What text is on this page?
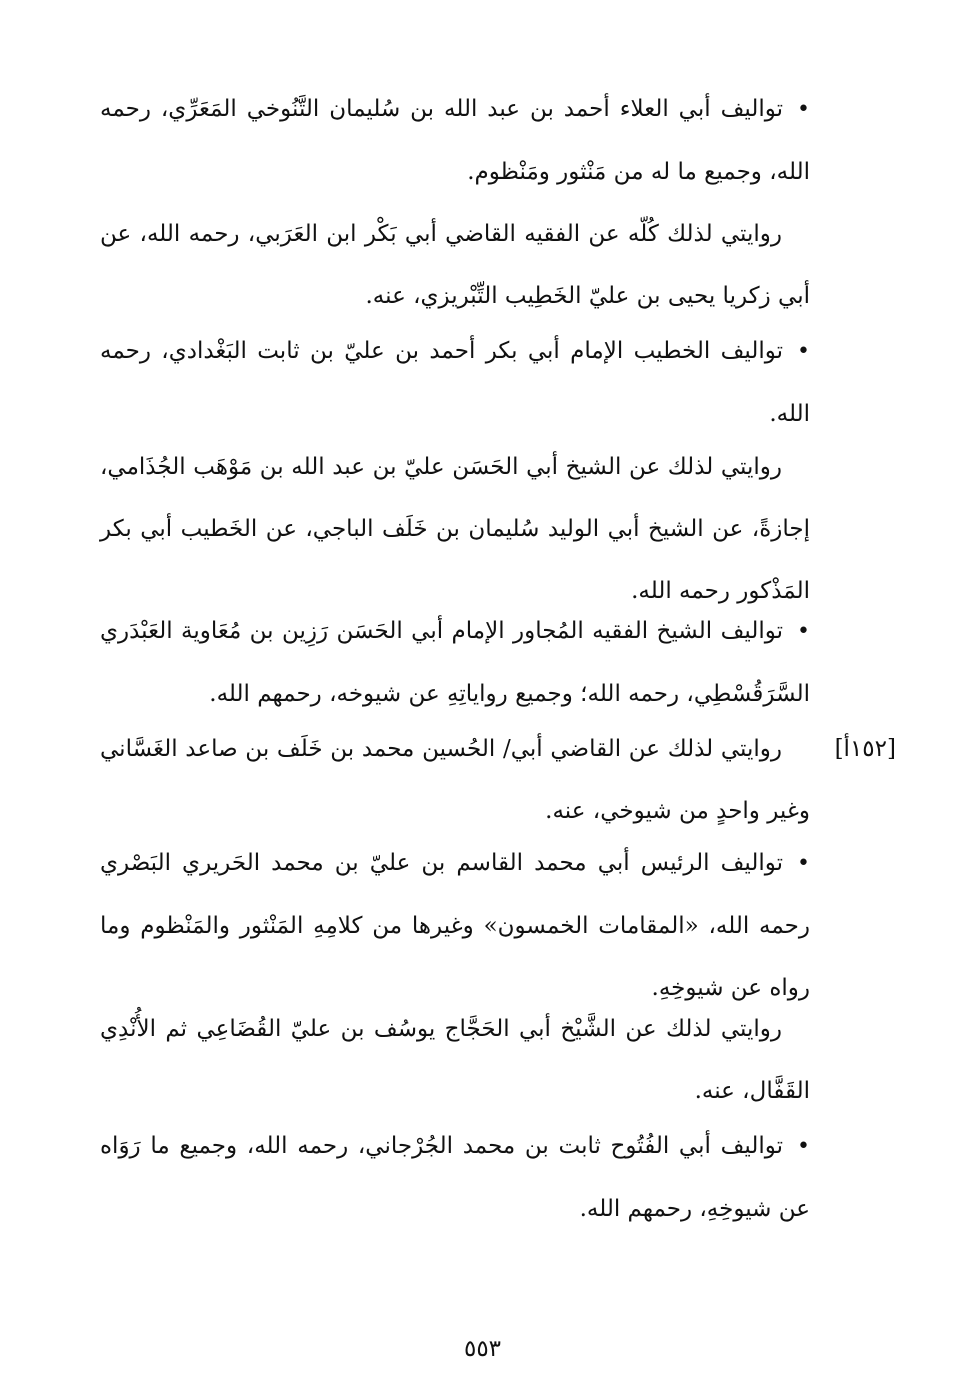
•تواليف أبي العلاء أحمد بن عبد الله بن سُليمان التَّنُوخي المَعَرِّي، رحمه الله، وجميع ما له من مَنْثور ومَنْظوم.
روايتي لذلك كُلّه عن الفقيه القاضي أبي بَكْر ابن العَرَبي، رحمه الله، عن أبي زكريا يحيى بن عليّ الخَطِيب التِّبْريزي، عنه.
•تواليف الخطيب الإمام أبي بكر أحمد بن عليّ بن ثابت البَغْدادي، رحمه الله.
روايتي لذلك عن الشيخ أبي الحَسَن عليّ بن عبد الله بن مَوْهَب الجُذَامي، إجازةً، عن الشيخ أبي الوليد سُليمان بن خَلَف الباجي، عن الخَطيب أبي بكر المَذْكور رحمه الله.
•تواليف الشيخ الفقيه المُجاور الإمام أبي الحَسَن رَزِين بن مُعَاوية العَبْدَري السَّرَقُسْطِي، رحمه الله؛ وجميع رواياتِهِ عن شيوخه، رحمهم الله.
[١٥٢أ]
روايتي لذلك عن القاضي أبي/ الحُسين محمد بن خَلَف بن صاعد الغَسَّاني وغير واحدٍ من شيوخي، عنه.
•تواليف الرئيس أبي محمد القاسم بن عليّ بن محمد الحَريري البَصْري رحمه الله، «المقامات الخمسون» وغيرها من كلامِهِ المَنْثور والمَنْظوم وما رواه عن شيوخِهِ.
روايتي لذلك عن الشَّيْخ أبي الحَجَّاج يوسُف بن عليّ القُضَاعِي ثم الأُنْدِي القَفَّال، عنه.
•تواليف أبي الفُتُوح ثابت بن محمد الجُرْجاني، رحمه الله، وجميع ما رَوَاه عن شيوخِهِ، رحمهم الله.
٥٥٣
